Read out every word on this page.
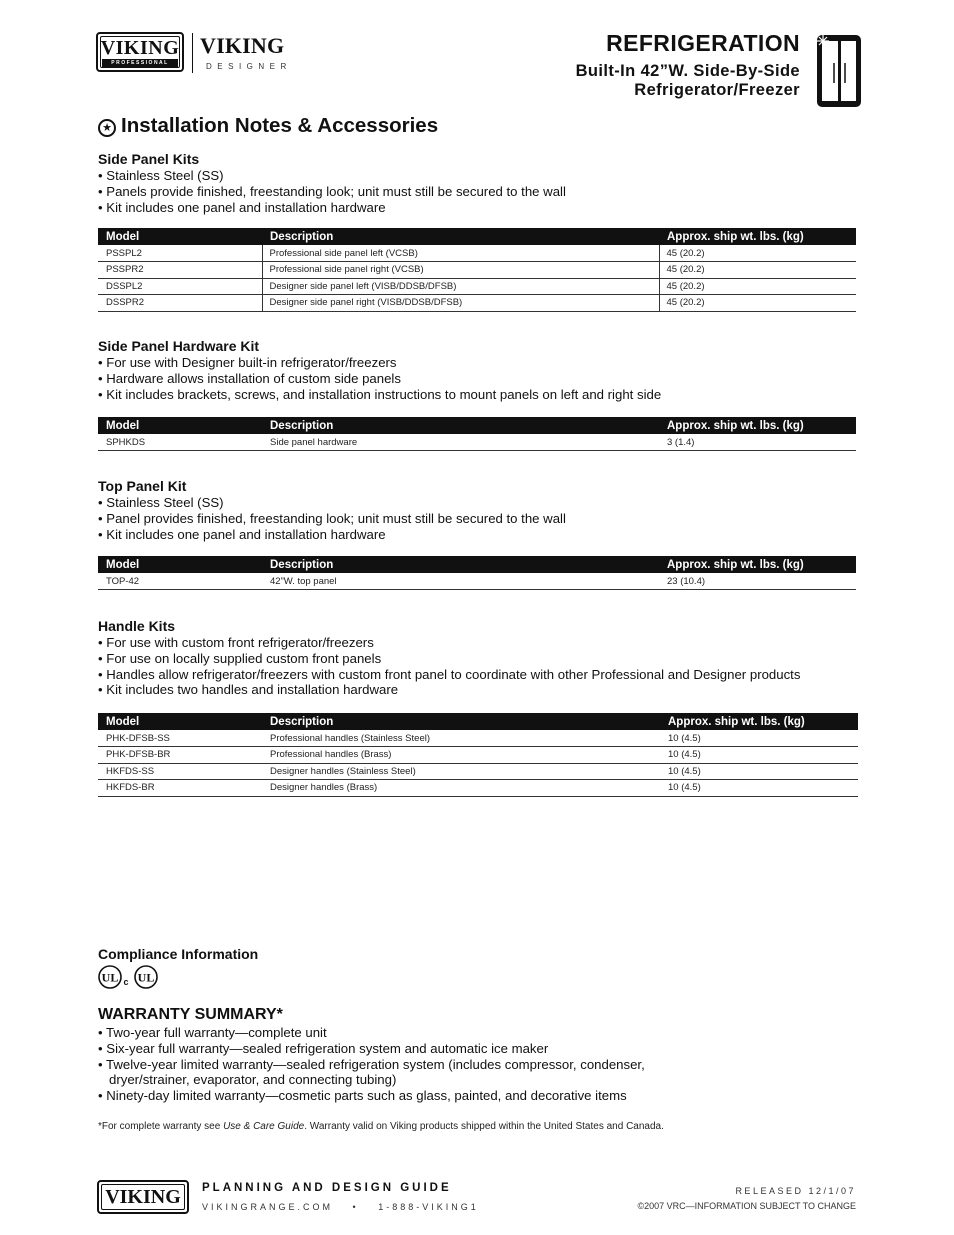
VIKING
PROFESSIONAL
VIKING
DESIGNER
REFRIGERATION
Built-In 42”W. Side-By-Side
Refrigerator/Freezer
★ Installation Notes & Accessories
Side Panel Kits
• Stainless Steel (SS)
• Panels provide finished, freestanding look; unit must still be secured to the wall
• Kit includes one panel and installation hardware
Model	Description	Approx. ship wt. lbs. (kg)
PSSPL2	Professional side panel left (VCSB)	45 (20.2)
PSSPR2	Professional side panel right (VCSB)	45 (20.2)
DSSPL2	Designer side panel left (VISB/DDSB/DFSB)	45 (20.2)
DSSPR2	Designer side panel right (VISB/DDSB/DFSB)	45 (20.2)
Side Panel Hardware Kit
• For use with Designer built-in refrigerator/freezers
• Hardware allows installation of custom side panels
• Kit includes brackets, screws, and installation instructions to mount panels on left and right side
Model	Description	Approx. ship wt. lbs. (kg)
SPHKDS	Side panel hardware	3 (1.4)
Top Panel Kit
• Stainless Steel (SS)
• Panel provides finished, freestanding look; unit must still be secured to the wall
• Kit includes one panel and installation hardware
Model	Description	Approx. ship wt. lbs. (kg)
TOP-42	42”W. top panel	23 (10.4)
Handle Kits
• For use with custom front refrigerator/freezers
• For use on locally supplied custom front panels
• Handles allow refrigerator/freezers with custom front panel to coordinate with other Professional and Designer products
• Kit includes two handles and installation hardware
Model	Description	Approx. ship wt. lbs. (kg)
PHK-DFSB-SS	Professional handles (Stainless Steel)	10 (4.5)
PHK-DFSB-BR	Professional handles (Brass)	10 (4.5)
HKFDS-SS	Designer handles (Stainless Steel)	10 (4.5)
HKFDS-BR	Designer handles (Brass)	10 (4.5)
Compliance Information
UL c UL
WARRANTY SUMMARY*
• Two-year full warranty—complete unit
• Six-year full warranty—sealed refrigeration system and automatic ice maker
• Twelve-year limited warranty—sealed refrigeration system (includes compressor, condenser,
dryer/strainer, evaporator, and connecting tubing)
• Ninety-day limited warranty—cosmetic parts such as glass, painted, and decorative items
*For complete warranty see Use & Care Guide. Warranty valid on Viking products shipped within the United States and Canada.
VIKING	PLANNING AND DESIGN GUIDE
VIKINGRANGE.COM • 1-888-VIKING1
RELEASED 12/1/07
©2007 VRC—INFORMATION SUBJECT TO CHANGE
